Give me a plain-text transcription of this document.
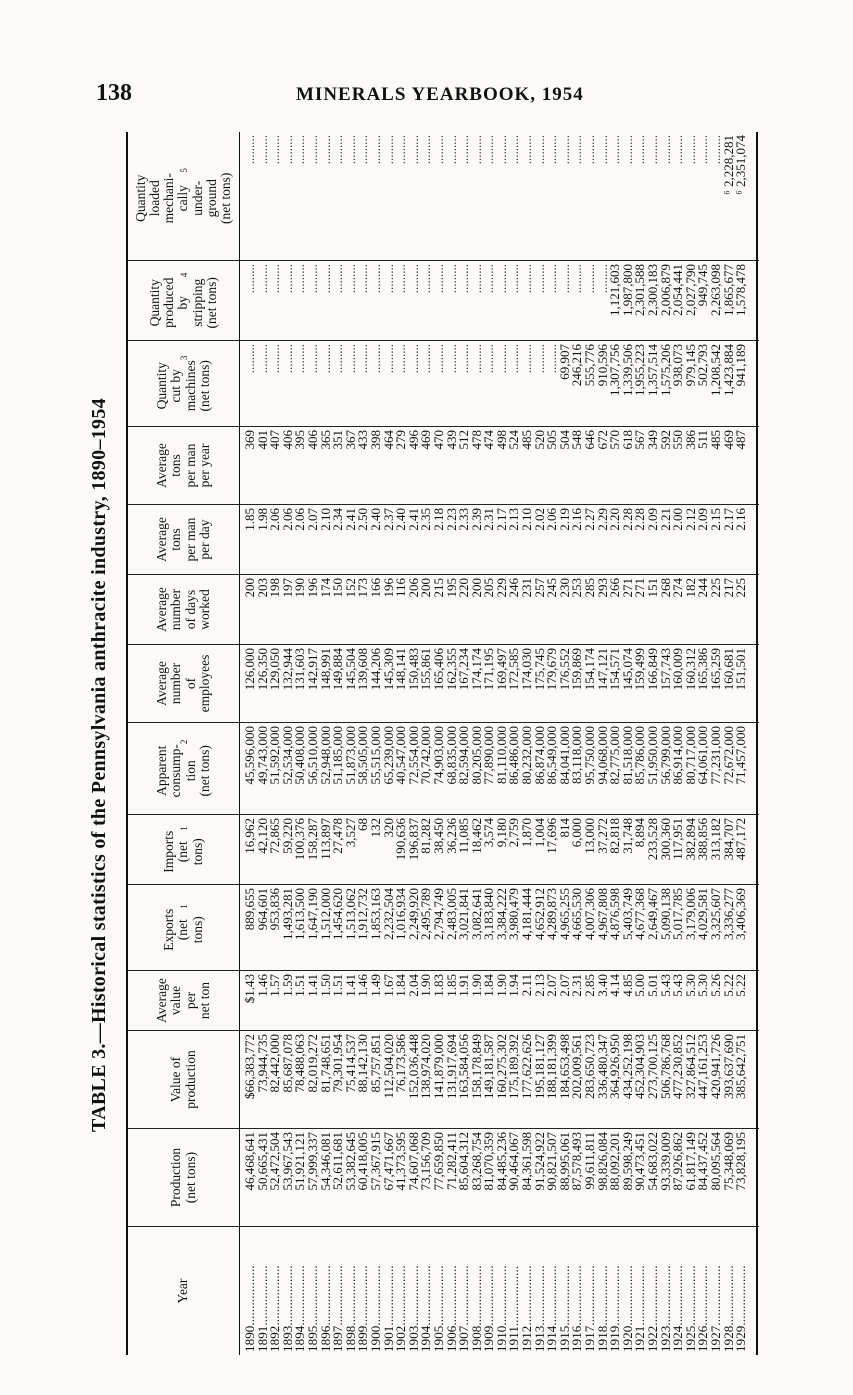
138	MINERALS YEARBOOK, 1954
TABLE 3.—Historical statistics of the Pennsylvania anthracite industry, 1890–1954
Year
Production
(net tons)
Value of
production
Average
value
per
net ton
Exports
(net
tons)
1
Imports
(net
tons)
1
Apparent
consump-
tion
(net tons)
2
Average
number
of
employees
Average
number
of days
worked
Average
tons
per man
per day
Average
tons
per man
per year
Quantity
cut by
machines
(net tons)
3
Quantity
produced
by
stripping
(net tons)
4
Quantity
loaded
mechani-
cally
under-
ground
(net tons)
5
1890..................
1891..................
1892..................
1893..................
1894..................
1895..................
1896..................
1897..................
1898..................
1899..................
1900..................
1901..................
1902..................
1903..................
1904..................
1905..................
1906..................
1907..................
1908..................
1909..................
1910..................
1911..................
1912..................
1913..................
1914..................
1915..................
1916..................
1917..................
1918..................
1919..................
1920..................
1921..................
1922..................
1923..................
1924..................
1925..................
1926..................
1927..................
1928..................
1929..................
46,468,641
50,665,431
52,472,504
53,967,543
51,921,121
57,999,337
54,346,081
52,611,681
53,382,645
60,418,005
57,367,915
67,471,667
41,373,595
74,607,068
73,156,709
77,659,850
71,282,411
85,604,312
83,268,754
81,070,359
84,485,236
90,464,067
84,361,598
91,524,922
90,821,507
88,995,061
87,578,493
99,611,811
98,826,084
88,092,201
89,598,249
90,473,451
54,683,022
93,339,009
87,926,862
61,817,149
84,437,452
80,095,564
75,348,069
73,828,195
$66,383,772
73,944,735
82,442,000
85,687,078
78,488,063
82,019,272
81,748,651
79,301,954
75,414,537
88,142,130
85,757,851
112,504,020
76,173,586
152,036,448
138,974,020
141,879,000
131,917,694
163,584,056
158,178,849
149,181,587
160,275,302
175,189,392
177,622,626
195,181,127
188,181,399
184,653,498
202,009,561
283,650,723
336,480,347
364,926,950
434,252,198
452,304,903
273,700,125
506,786,768
477,230,852
327,864,512
447,161,253
420,941,726
393,637,690
385,642,751
$1.43
1.46
1.57
1.59
1.51
1.41
1.50
1.51
1.41
1.46
1.49
1.67
1.84
2.04
1.90
1.83
1.85
1.91
1.90
1.84
1.90
1.94
2.11
2.13
2.07
2.07
2.31
2.85
3.40
4.14
4.85
5.00
5.01
5.43
5.43
5.30
5.30
5.26
5.22
5.22
889,655
964,601
953,836
1,493,281
1,613,500
1,647,190
1,512,000
1,454,620
1,513,062
1,912,732
1,853,163
2,232,504
1,016,934
2,249,920
2,495,789
2,794,749
2,483,005
3,021,841
3,082,641
3,183,840
3,384,222
3,980,479
4,181,444
4,652,912
4,289,873
4,965,255
4,665,530
4,007,306
4,967,808
4,876,598
5,403,749
4,677,368
2,649,467
5,090,138
5,017,785
3,179,006
4,029,581
3,325,607
3,336,277
3,406,369
16,962
42,120
72,865
59,220
100,376
158,287
113,897
27,478
3,527
68
132
320
190,636
196,837
81,282
38,450
36,236
11,085
18,462
3,574
9,180
2,759
1,870
1,004
17,696
814
6,000
13,000
37,272
82,818
31,748
8,894
233,528
300,360
117,951
382,894
388,856
313,182
384,707
487,172
45,596,000
49,743,000
51,592,000
52,534,000
50,408,000
56,510,000
52,948,000
51,185,000
51,873,000
58,505,000
55,515,000
65,239,000
40,547,000
72,554,000
70,742,000
74,903,000
68,835,000
82,594,000
80,205,000
77,890,000
81,110,000
86,486,000
80,232,000
86,874,000
86,549,000
84,041,000
83,118,000
95,750,000
94,068,000
82,775,000
81,518,000
85,786,000
51,950,000
56,799,000
86,914,000
80,717,000
64,061,000
77,231,000
72,672,000
71,457,000
126,000
126,350
129,050
132,944
131,603
142,917
148,991
149,884
145,504
139,608
144,206
145,309
148,141
150,483
155,861
165,406
162,355
167,234
174,174
171,195
169,497
172,585
174,030
175,745
179,679
176,552
159,869
154,174
147,121
154,571
145,074
159,499
166,849
157,743
160,009
160,312
165,386
165,259
160,681
151,501
200
203
198
197
190
196
174
150
152
173
166
196
116
206
200
215
195
220
200
205
229
246
231
257
245
230
253
285
293
266
271
271
151
268
274
182
244
225
217
225
1.85
1.98
2.06
2.06
2.06
2.07
2.10
2.34
2.41
2.50
2.40
2.37
2.40
2.41
2.35
2.18
2.23
2.33
2.39
2.31
2.17
2.13
2.10
2.02
2.06
2.19
2.16
2.27
2.29
2.20
2.28
2.28
2.09
2.21
2.00
2.12
2.09
2.15
2.17
2.16
369
401
407
406
395
406
365
351
367
433
398
464
279
496
469
470
439
512
478
474
498
524
485
520
505
504
548
646
672
570
618
567
349
592
550
386
511
485
469
487
.........
.........
.........
.........
.........
.........
.........
.........
.........
.........
.........
.........
.........
.........
.........
.........
.........
.........
.........
.........
.........
.........
.........
.........
.........
69,907
246,216
555,776
910,596
1,307,756
1,339,506
1,955,223
1,357,514
1,575,206
938,073
979,145
502,793
1,208,542
1,423,884
941,189
.........
.........
.........
.........
.........
.........
.........
.........
.........
.........
.........
.........
.........
.........
.........
.........
.........
.........
.........
.........
.........
.........
.........
.........
.........
.........
.........
.........
.........
1,121,603
1,987,800
2,301,588
2,300,183
2,006,879
2,054,441
2,027,790
949,745
2,263,098
1,865,677
1,578,478
.........
.........
.........
.........
.........
.........
.........
.........
.........
.........
.........
.........
.........
.........
.........
.........
.........
.........
.........
.........
.........
.........
.........
.........
.........
.........
.........
.........
.........
.........
.........
.........
.........
.........
.........
.........
.........
.........
⁶ 2,228,281
⁶ 2,351,074
